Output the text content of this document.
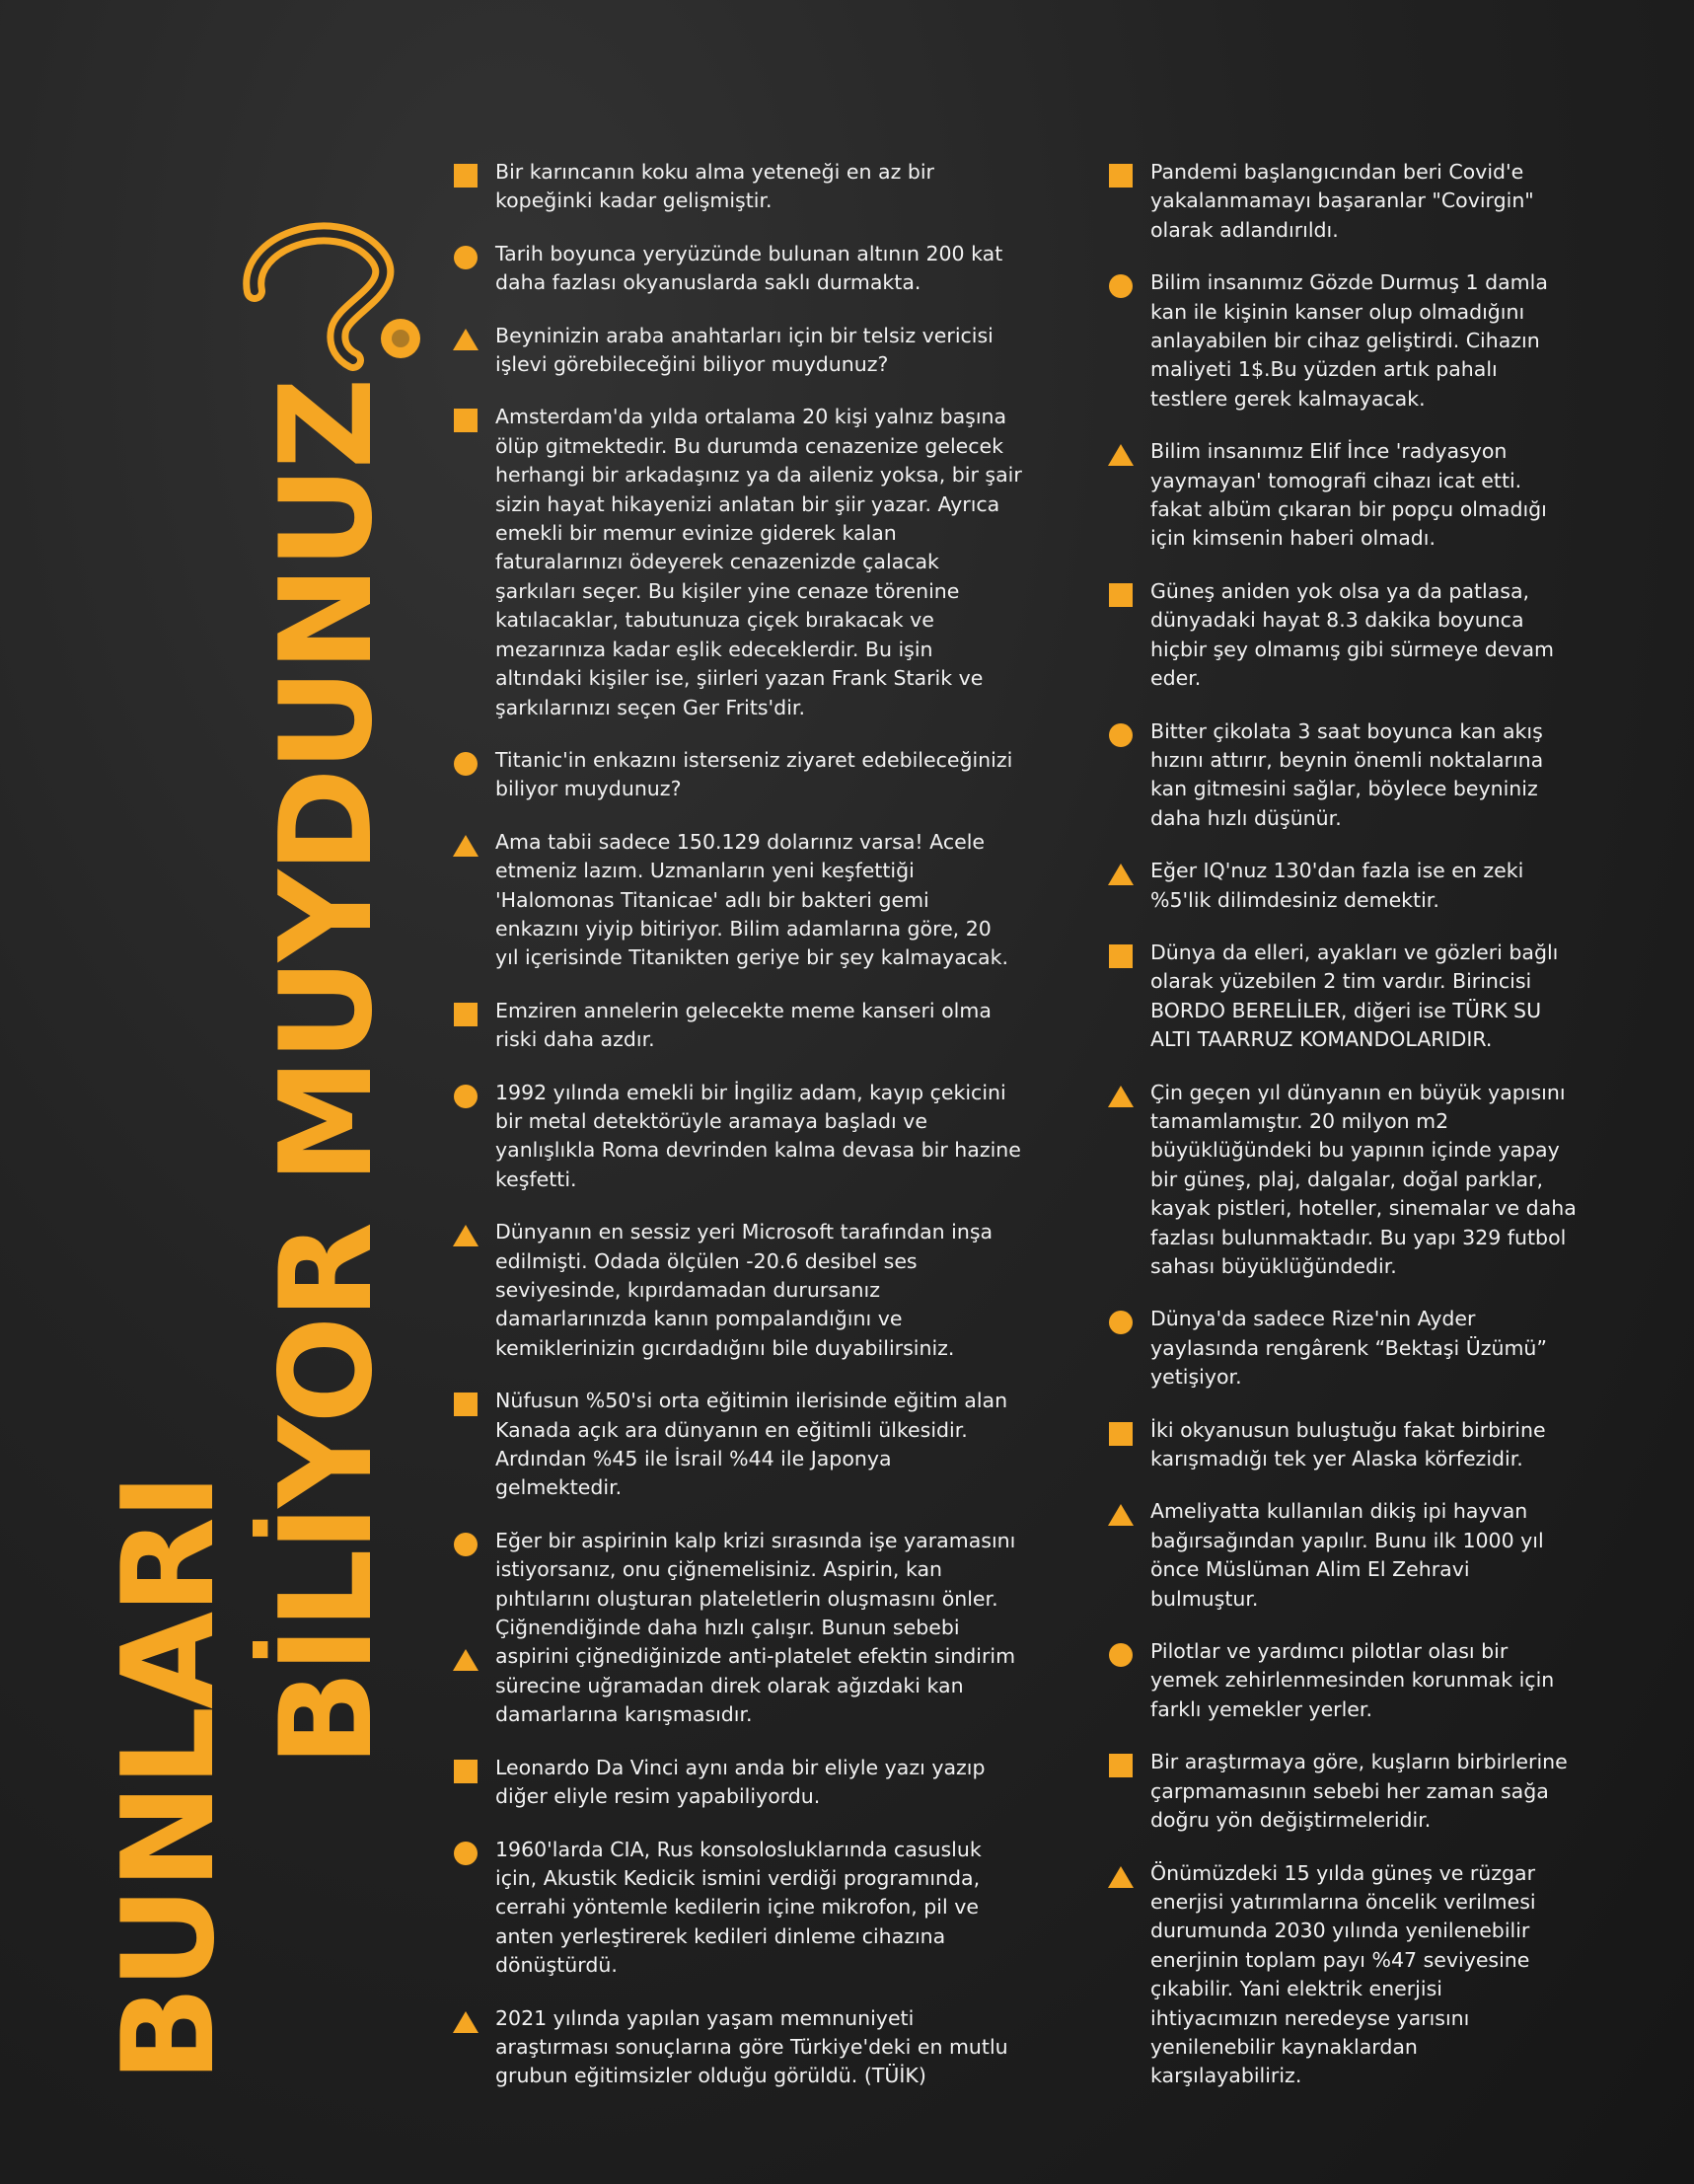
BUNLARI
BİLİYOR MUYDUNUZ
Bir karıncanın koku alma yeteneği en az bir
kopeğinki kadar gelişmiştir.
Tarih boyunca yeryüzünde bulunan altının 200 kat
daha fazlası okyanuslarda saklı durmakta.
Beyninizin araba anahtarları için bir telsiz vericisi
işlevi görebileceğini biliyor muydunuz?
Amsterdam'da yılda ortalama 20 kişi yalnız başına
ölüp gitmektedir. Bu durumda cenazenize gelecek
herhangi bir arkadaşınız ya da aileniz yoksa, bir şair
sizin hayat hikayenizi anlatan bir şiir yazar. Ayrıca
emekli bir memur evinize giderek kalan
faturalarınızı ödeyerek cenazenizde çalacak
şarkıları seçer. Bu kişiler yine cenaze törenine
katılacaklar, tabutunuza çiçek bırakacak ve
mezarınıza kadar eşlik edeceklerdir. Bu işin
altındaki kişiler ise, şiirleri yazan Frank Starik ve
şarkılarınızı seçen Ger Frits'dir.
Titanic'in enkazını isterseniz ziyaret edebileceğinizi
biliyor muydunuz?
Ama tabii sadece 150.129 dolarınız varsa! Acele
etmeniz lazım. Uzmanların yeni keşfettiği
'Halomonas Titanicae' adlı bir bakteri gemi
enkazını yiyip bitiriyor. Bilim adamlarına göre, 20
yıl içerisinde Titanikten geriye bir şey kalmayacak.
Emziren annelerin gelecekte meme kanseri olma
riski daha azdır.
1992 yılında emekli bir İngiliz adam, kayıp çekicini
bir metal detektörüyle aramaya başladı ve
yanlışlıkla Roma devrinden kalma devasa bir hazine
keşfetti.
Dünyanın en sessiz yeri Microsoft tarafından inşa
edilmişti. Odada ölçülen -20.6 desibel ses
seviyesinde, kıpırdamadan durursanız
damarlarınızda kanın pompalandığını ve
kemiklerinizin gıcırdadığını bile duyabilirsiniz.
Nüfusun %50'si orta eğitimin ilerisinde eğitim alan
Kanada açık ara dünyanın en eğitimli ülkesidir.
Ardından %45 ile İsrail %44 ile Japonya
gelmektedir.
Eğer bir aspirinin kalp krizi sırasında işe yaramasını
istiyorsanız, onu çiğnemelisiniz. Aspirin, kan
pıhtılarını oluşturan plateletlerin oluşmasını önler.
Çiğnendiğinde daha hızlı çalışır. Bunun sebebi
aspirini çiğnediğinizde anti-platelet efektin sindirim
sürecine uğramadan direk olarak ağızdaki kan
damarlarına karışmasıdır.
Leonardo Da Vinci aynı anda bir eliyle yazı yazıp
diğer eliyle resim yapabiliyordu.
1960'larda CIA, Rus konsolosluklarında casusluk
için, Akustik Kedicik ismini verdiği programında,
cerrahi yöntemle kedilerin içine mikrofon, pil ve
anten yerleştirerek kedileri dinleme cihazına
dönüştürdü.
2021 yılında yapılan yaşam memnuniyeti
araştırması sonuçlarına göre Türkiye'deki en mutlu
grubun eğitimsizler olduğu görüldü. (TÜİK)
Pandemi başlangıcından beri Covid'e
yakalanmamayı başaranlar "Covirgin"
olarak adlandırıldı.
Bilim insanımız Gözde Durmuş 1 damla
kan ile kişinin kanser olup olmadığını
anlayabilen bir cihaz geliştirdi. Cihazın
maliyeti 1$.Bu yüzden artık pahalı
testlere gerek kalmayacak.
Bilim insanımız Elif İnce 'radyasyon
yaymayan' tomografi cihazı icat etti.
fakat albüm çıkaran bir popçu olmadığı
için kimsenin haberi olmadı.
Güneş aniden yok olsa ya da patlasa,
dünyadaki hayat 8.3 dakika boyunca
hiçbir şey olmamış gibi sürmeye devam
eder.
Bitter çikolata 3 saat boyunca kan akış
hızını attırır, beynin önemli noktalarına
kan gitmesini sağlar, böylece beyniniz
daha hızlı düşünür.
Eğer IQ'nuz 130'dan fazla ise en zeki
%5'lik dilimdesiniz demektir.
Dünya da elleri, ayakları ve gözleri bağlı
olarak yüzebilen 2 tim vardır. Birincisi
BORDO BERELİLER, diğeri ise TÜRK SU
ALTI TAARRUZ KOMANDOLARIDIR.
Çin geçen yıl dünyanın en büyük yapısını
tamamlamıştır. 20 milyon m2
büyüklüğündeki bu yapının içinde yapay
bir güneş, plaj, dalgalar, doğal parklar,
kayak pistleri, hoteller, sinemalar ve daha
fazlası bulunmaktadır. Bu yapı 329 futbol
sahası büyüklüğündedir.
Dünya'da sadece Rize'nin Ayder
yaylasında rengârenk “Bektaşi Üzümü”
yetişiyor.
İki okyanusun buluştuğu fakat birbirine
karışmadığı tek yer Alaska körfezidir.
Ameliyatta kullanılan dikiş ipi hayvan
bağırsağından yapılır. Bunu ilk 1000 yıl
önce Müslüman Alim El Zehravi
bulmuştur.
Pilotlar ve yardımcı pilotlar olası bir
yemek zehirlenmesinden korunmak için
farklı yemekler yerler.
Bir araştırmaya göre, kuşların birbirlerine
çarpmamasının sebebi her zaman sağa
doğru yön değiştirmeleridir.
Önümüzdeki 15 yılda güneş ve rüzgar
enerjisi yatırımlarına öncelik verilmesi
durumunda 2030 yılında yenilenebilir
enerjinin toplam payı %47 seviyesine
çıkabilir. Yani elektrik enerjisi
ihtiyacımızın neredeyse yarısını
yenilenebilir kaynaklardan
karşılayabiliriz.
